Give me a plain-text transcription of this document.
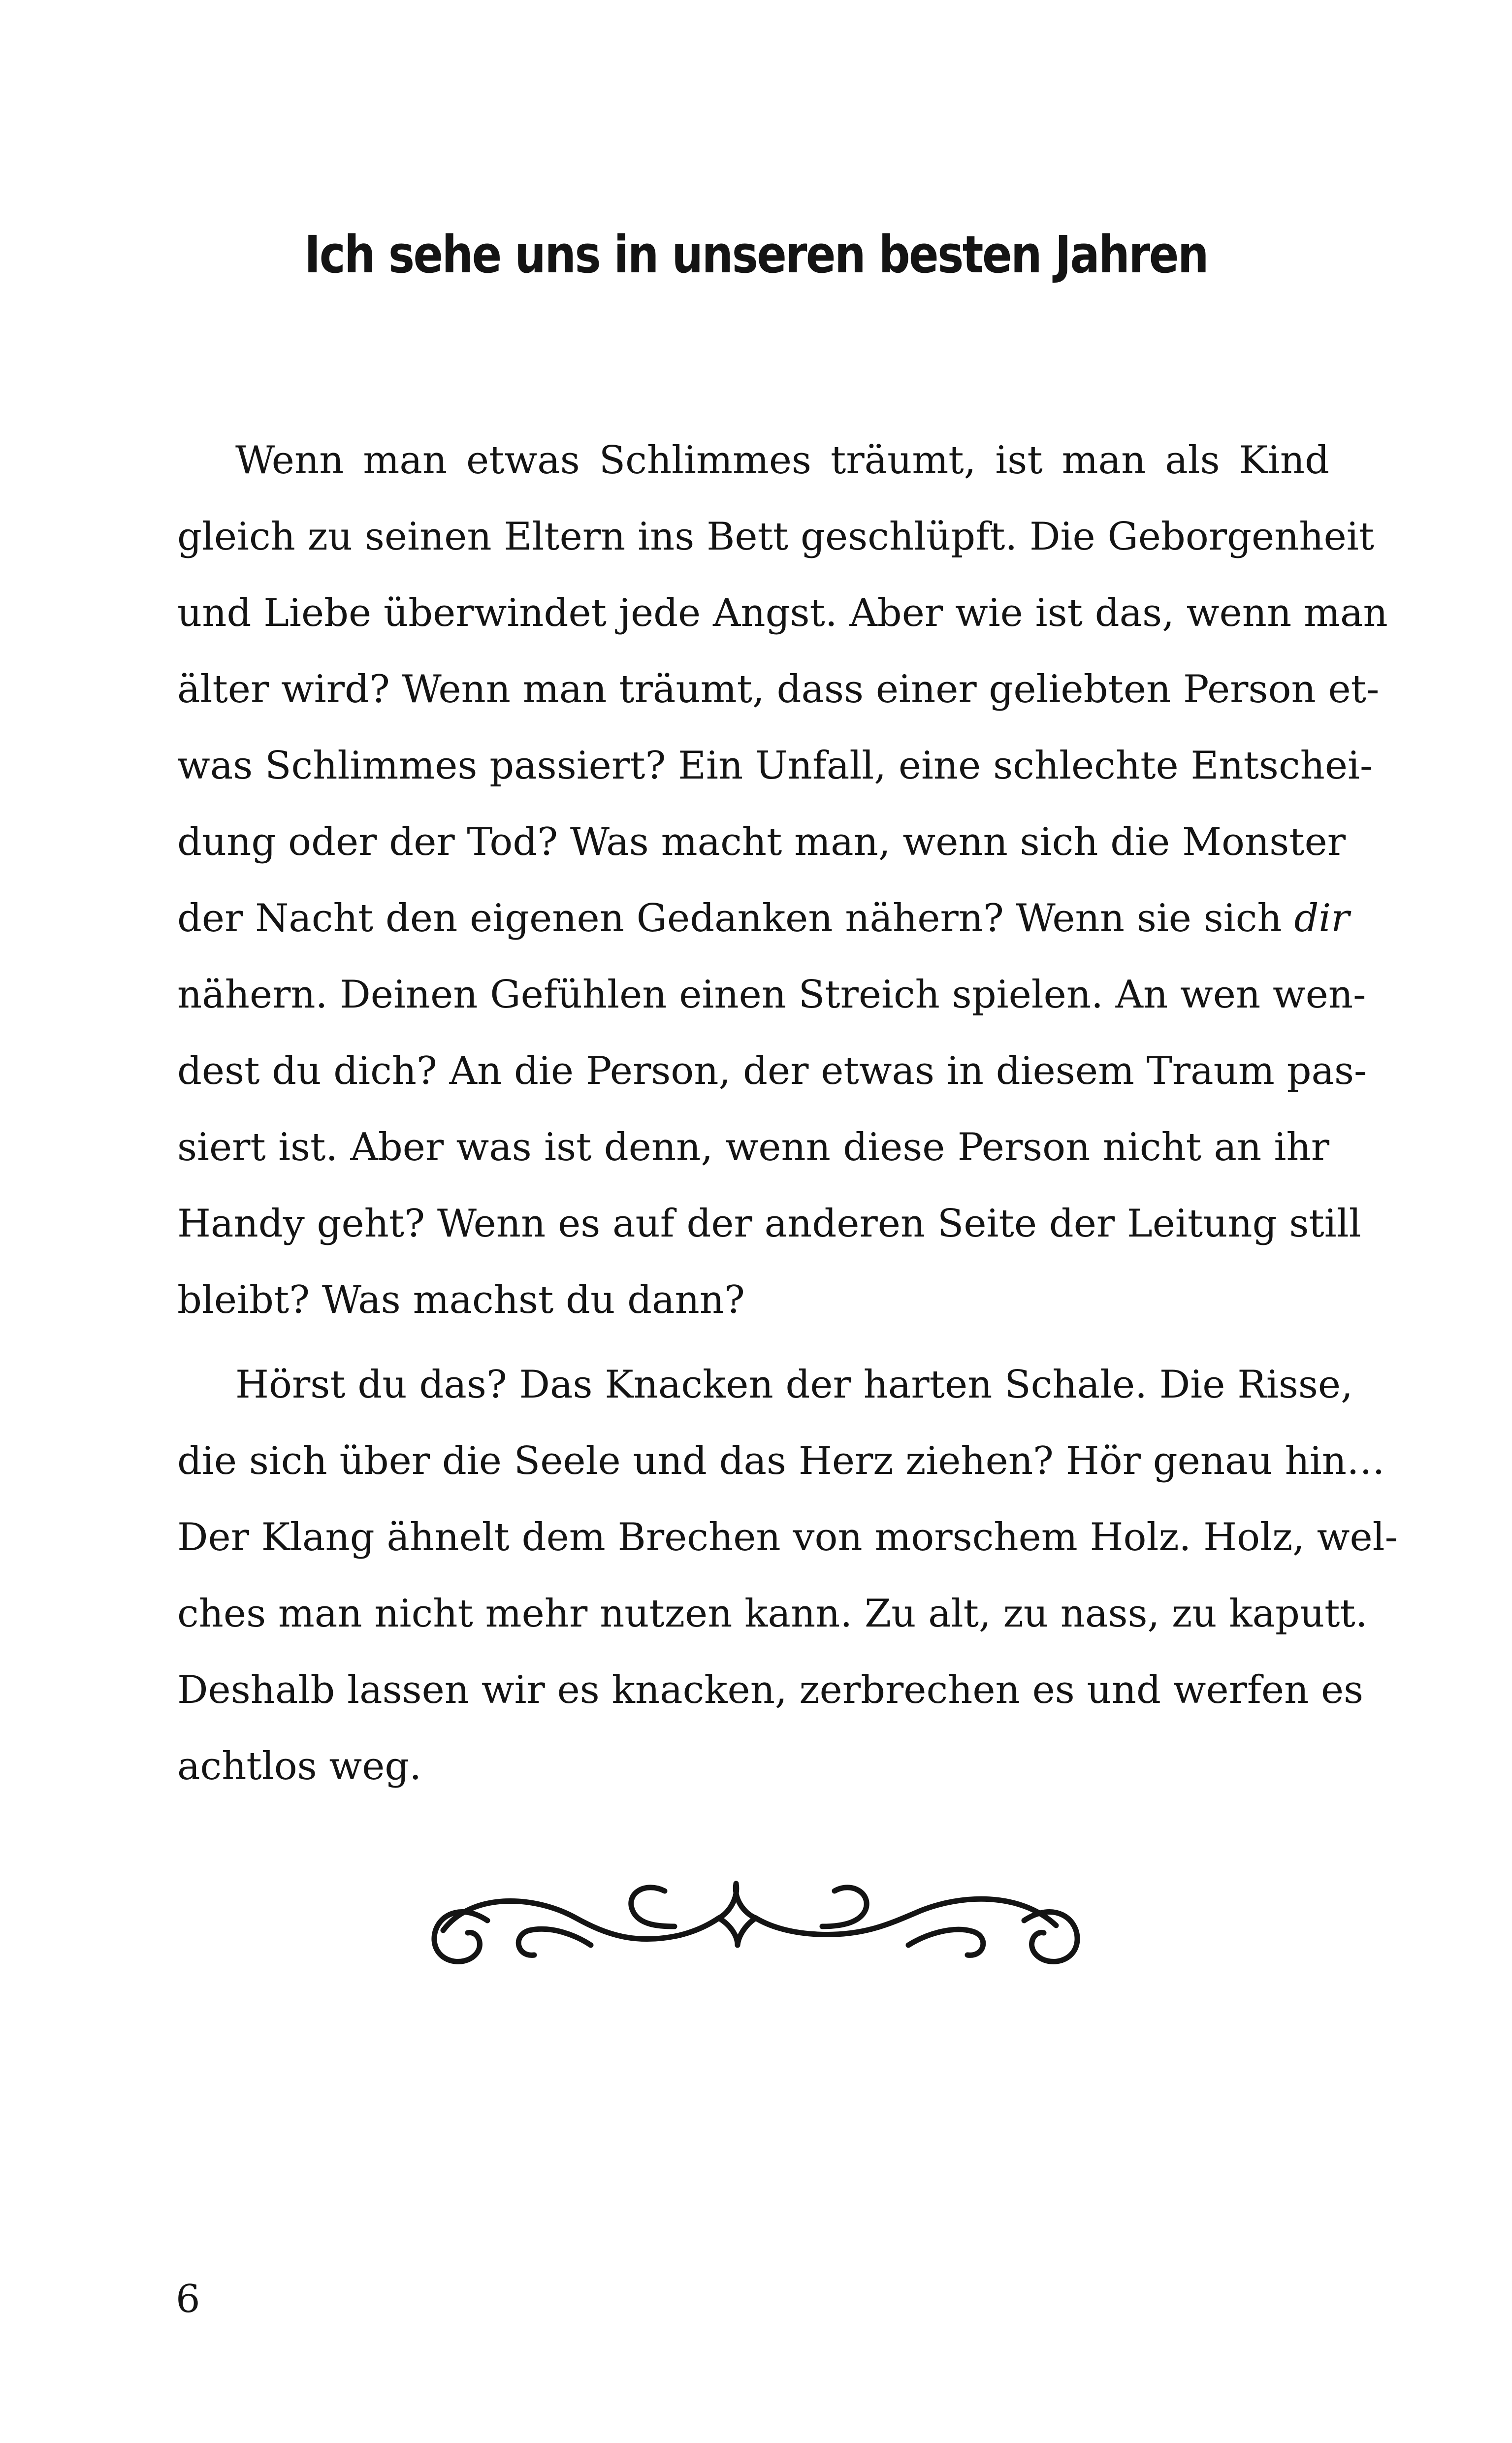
Ich sehe uns in unseren besten Jahren
Wenn man etwas Schlimmes träumt, ist man als Kind
gleich zu seinen Eltern ins Bett geschlüpft. Die Geborgenheit
und Liebe überwindet jede Angst. Aber wie ist das, wenn man
älter wird? Wenn man träumt, dass einer geliebten Person et-
was Schlimmes passiert? Ein Unfall, eine schlechte Entschei-
dung oder der Tod? Was macht man, wenn sich die Monster
der Nacht den eigenen Gedanken nähern? Wenn sie sich dir
nähern. Deinen Gefühlen einen Streich spielen. An wen wen-
dest du dich? An die Person, der etwas in diesem Traum pas-
siert ist. Aber was ist denn, wenn diese Person nicht an ihr
Handy geht? Wenn es auf der anderen Seite der Leitung still
bleibt? Was machst du dann?
Hörst du das? Das Knacken der harten Schale. Die Risse,
die sich über die Seele und das Herz ziehen? Hör genau hin…
Der Klang ähnelt dem Brechen von morschem Holz. Holz, wel-
ches man nicht mehr nutzen kann. Zu alt, zu nass, zu kaputt.
Deshalb lassen wir es knacken, zerbrechen es und werfen es
achtlos weg.
6
